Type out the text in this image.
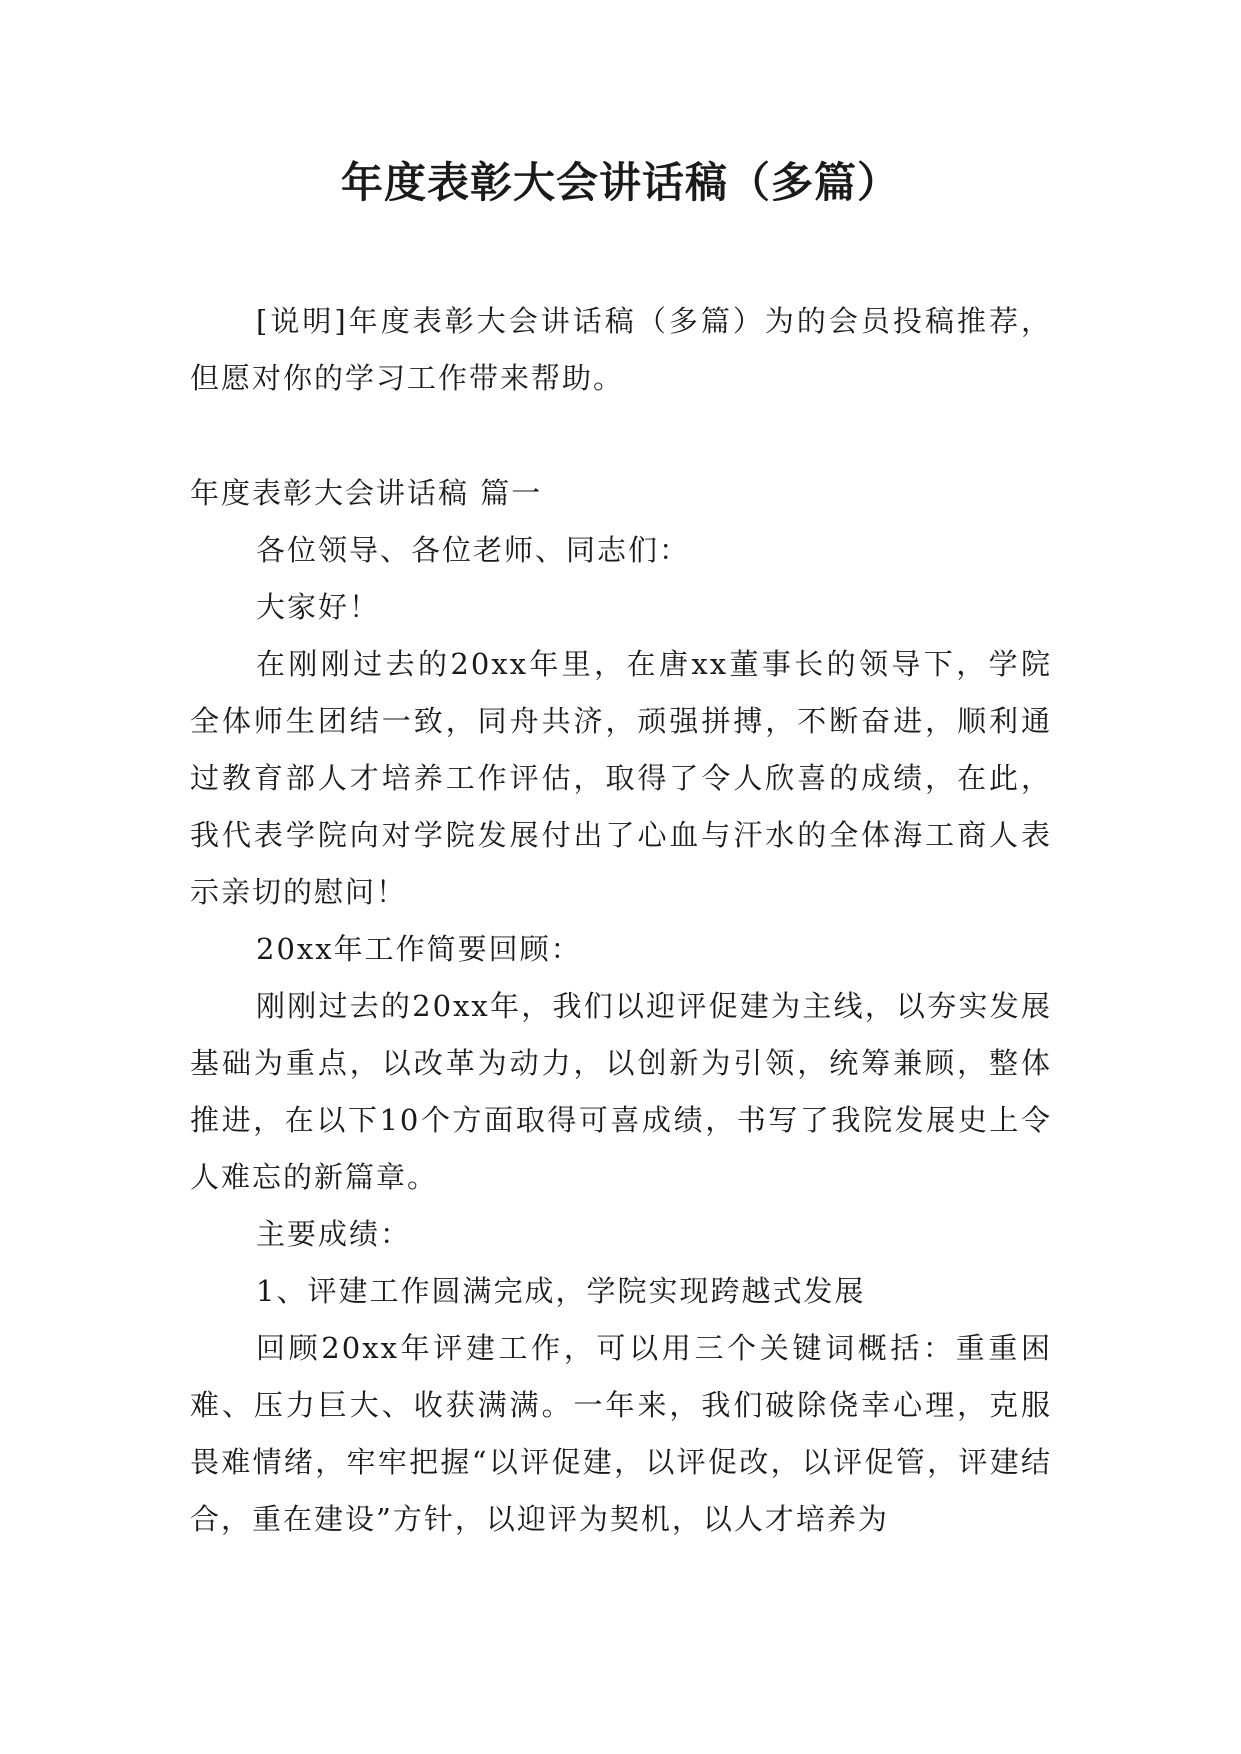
年度表彰大会讲话稿（多篇）

[说明]年度表彰大会讲话稿（多篇）为的会员投稿推荐，但愿对你的学习工作带来帮助。

年度表彰大会讲话稿 篇一

各位领导、各位老师、同志们：

大家好！

在刚刚过去的20xx年里，在唐xx董事长的领导下，学院全体师生团结一致，同舟共济，顽强拼搏，不断奋进，顺利通过教育部人才培养工作评估，取得了令人欣喜的成绩，在此，我代表学院向对学院发展付出了心血与汗水的全体海工商人表示亲切的慰问！

20xx年工作简要回顾：

刚刚过去的20xx年，我们以迎评促建为主线，以夯实发展基础为重点，以改革为动力，以创新为引领，统筹兼顾，整体推进，在以下10个方面取得可喜成绩，书写了我院发展史上令人难忘的新篇章。

主要成绩：

1、评建工作圆满完成，学院实现跨越式发展

回顾20xx年评建工作，可以用三个关键词概括：重重困难、压力巨大、收获满满。一年来，我们破除侥幸心理，克服畏难情绪，牢牢把握“以评促建，以评促改，以评促管，评建结合，重在建设”方针，以迎评为契机，以人才培养为
